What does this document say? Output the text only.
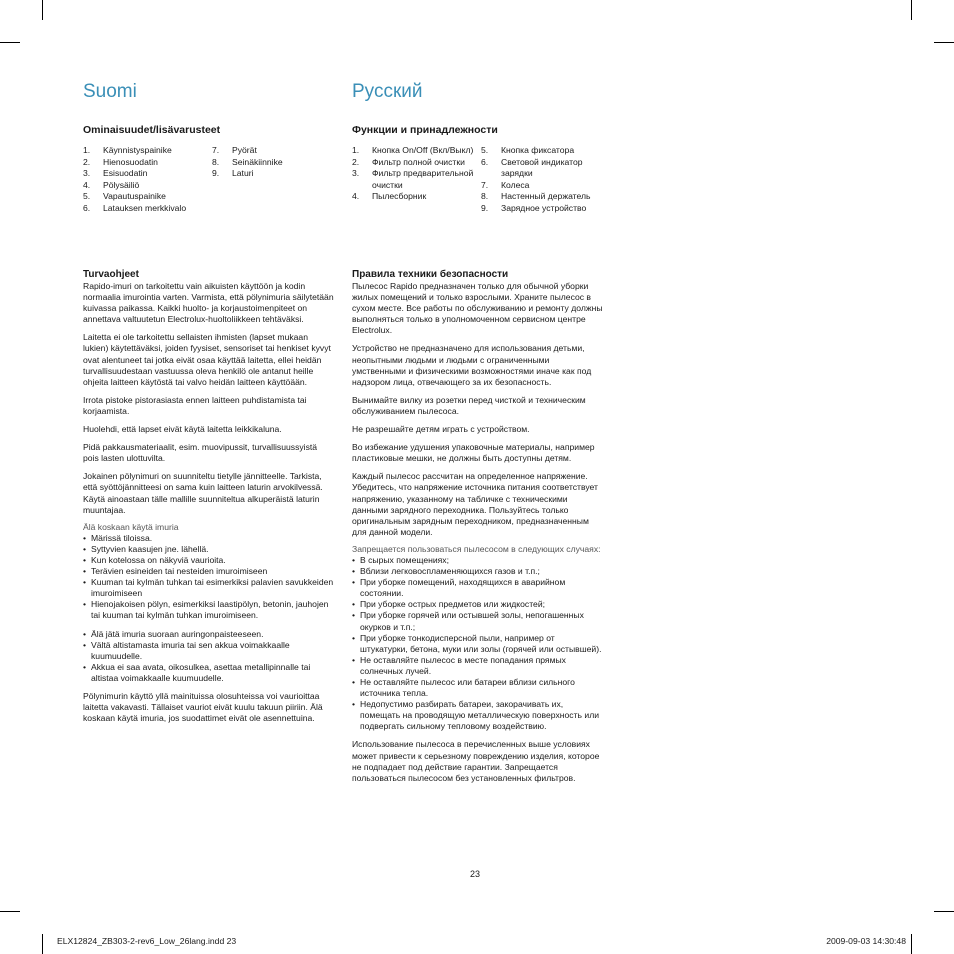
Suomi
Ominaisuudet/lisävarusteet
1.	Käynnistyspainike
2.	Hienosuodatin
3.	Esisuodatin
4.	Pölysäiliö
5.	Vapautuspainike
6.	Latauksen merkkivalo
7.	Pyörät
8.	Seinäkiinnike
9.	Laturi
Turvaohjeet

Rapido-imuri on tarkoitettu vain aikuisten käyttöön ja kodin normaalia imurointia varten. Varmista, että pölynimuria säilytetään kuivassa paikassa. Kaikki huolto- ja korjaustoimenpiteet on annettava valtuutetun Electrolux-huoltoliikkeen tehtäväksi.

Laitetta ei ole tarkoitettu sellaisten ihmisten (lapset mukaan lukien) käytettäväksi, joiden fyysiset, sensoriset tai henkiset kyvyt ovat alentuneet tai jotka eivät osaa käyttää laitetta, ellei heidän turvallisuudestaan vastuussa oleva henkilö ole antanut heille ohjeita laitteen käytöstä tai valvo heidän laitteen käyttöään.

Irrota pistoke pistorasiasta ennen laitteen puhdistamista tai korjaamista.

Huolehdi, että lapset eivät käytä laitetta leikkikaluna.

Pidä pakkausmateriaalit, esim. muovipussit, turvallisuussyistä pois lasten ulottuvilta.

Jokainen pölynimuri on suunniteltu tietylle jännitteelle. Tarkista, että syöttöjännitteesi on sama kuin laitteen laturin arvokilvessä. Käytä ainoastaan tälle mallille suunniteltua alkuperäistä laturin muuntajaa.

Älä koskaan käytä imuria
• Märissä tiloissa.
• Syttyvien kaasujen jne. lähellä.
• Kun kotelossa on näkyviä vaurioita.
• Terävien esineiden tai nesteiden imuroimiseen
• Kuuman tai kylmän tuhkan tai esimerkiksi palavien savukkeiden imuroimiseen
• Hienojakoisen pölyn, esimerkiksi laastipölyn, betonin, jauhojen tai kuuman tai kylmän tuhkan imuroimiseen.
• Älä jätä imuria suoraan auringonpaisteeseen.
• Vältä altistamasta imuria tai sen akkua voimakkaalle kuumuudelle.
• Akkua ei saa avata, oikosulkea, asettaa metallipinnalle tai altistaa voimakkaalle kuumuudelle.

Pölynimurin käyttö yllä mainituissa olosuhteissa voi vaurioittaa laitetta vakavasti. Tällaiset vauriot eivät kuulu takuun piiriin. Älä koskaan käytä imuria, jos suodattimet eivät ole asennettuina.

Русский
Функции и принадлежности
1.	Кнопка On/Off (Вкл/Выкл)
2.	Фильтр полной очистки
3.	Фильтр предварительной очистки
4.	Пылесборник
5.	Кнопка фиксатора
6.	Световой индикатор зарядки
7.	Колеса
8.	Настенный держатель
9.	Зарядное устройство
Правила техники безопасности

Пылесос Rapido предназначен только для обычной уборки жилых помещений и только взрослыми. Храните пылесос в сухом месте. Все работы по обслуживанию и ремонту должны выполняться только в уполномоченном сервисном центре Electrolux.

Устройство не предназначено для использования детьми, неопытными людьми и людьми с ограниченными умственными и физическими возможностями иначе как под надзором лица, отвечающего за их безопасность.

Вынимайте вилку из розетки перед чисткой и техническим обслуживанием пылесоса.

Не разрешайте детям играть с устройством.

Во избежание удушения упаковочные материалы, например пластиковые мешки, не должны быть доступны детям.

Каждый пылесос рассчитан на определенное напряжение. Убедитесь, что напряжение источника питания соответствует напряжению, указанному на табличке с техническими данными зарядного переходника. Пользуйтесь только оригинальным зарядным переходником, предназначенным для данной модели.

Запрещается пользоваться пылесосом в следующих случаях:
• В сырых помещениях;
• Вблизи легковоспламеняющихся газов и т.п.;
• При уборке помещений, находящихся в аварийном состоянии.
• При уборке острых предметов или жидкостей;
• При уборке горячей или остывшей золы, непогашенных окурков и т.п.;
• При уборке тонкодисперсной пыли, например от штукатурки, бетона, муки или золы (горячей или остывшей).
• Не оставляйте пылесос в месте попадания прямых солнечных лучей.
• Не оставляйте пылесос или батареи вблизи сильного источника тепла.
• Недопустимо разбирать батареи, закорачивать их, помещать на проводящую металлическую поверхность или подвергать сильному тепловому воздействию.

Использование пылесоса в перечисленных выше условиях может привести к серьезному повреждению изделия, которое не подпадает под действие гарантии. Запрещается пользоваться пылесосом без установленных фильтров.

23
ELX12824_ZB303-2-rev6_Low_26lang.indd 23	2009-09-03 14:30:48
